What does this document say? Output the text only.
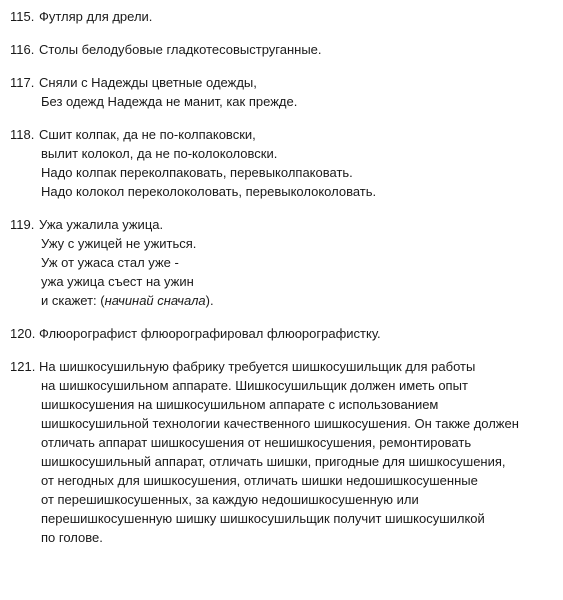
115. Футляр для дрели.
116. Столы белодубовые гладкотесовыструганные.
117. Сняли с Надежды цветные одежды,
Без одежд Надежда не манит, как прежде.
118. Сшит колпак, да не по-колпаковски,
вылит колокол, да не по-колоколовски.
Надо колпак переколпаковать, перевыколпаковать.
Надо колокол переколоколовать, перевыколоколовать.
119. Ужа ужалила ужица.
Ужу с ужицей не ужиться.
Уж от ужаса стал уже -
ужа ужица съест на ужин
и скажет: (начинай сначала).
120. Флюорографист флюорографировал флюорографистку.
121. На шишкосушильную фабрику требуется шишкосушильщик для работы
на шишкосушильном аппарате. Шишкосушильщик должен иметь опыт
шишкосушения на шишкосушильном аппарате с использованием
шишкосушильной технологии качественного шишкосушения. Он также должен
отличать аппарат шишкосушения от нешишкосушения, ремонтировать
шишкосушильный аппарат, отличать шишки, пригодные для шишкосушения,
от негодных для шишкосушения, отличать шишки недошишкосушенные
от перешишкосушенных, за каждую недошишкосушенную или
перешишкосушенную шишку шишкосушильщик получит шишкосушилкой
по голове.
